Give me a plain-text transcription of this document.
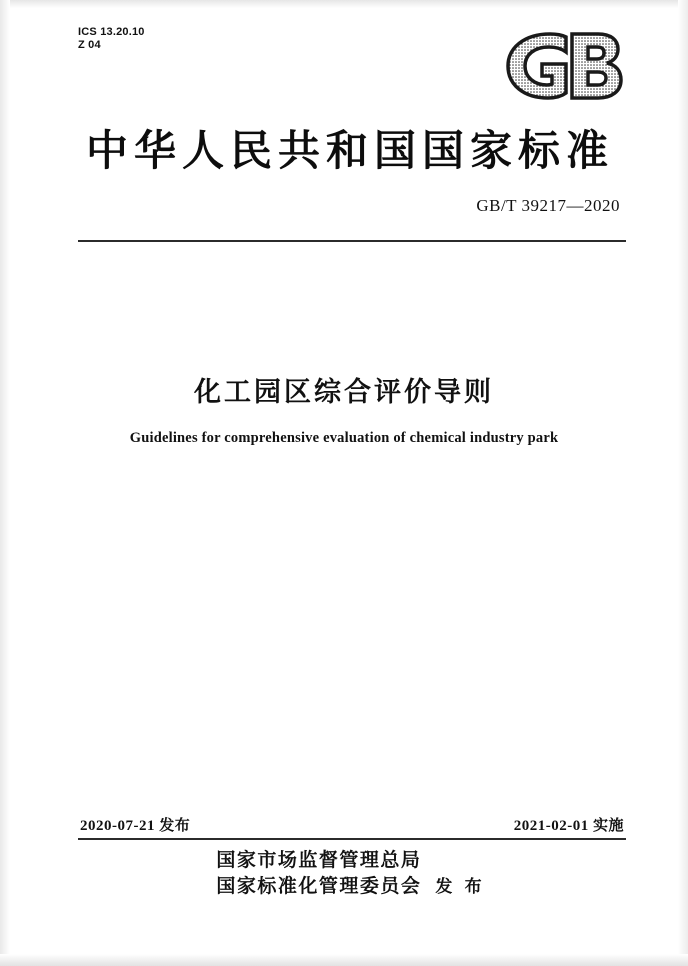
ICS 13.20.10
Z 04
中华人民共和国国家标准
GB/T 39217—2020
化工园区综合评价导则
Guidelines for comprehensive evaluation of chemical industry park
2020-07-21 发布	2021-02-01 实施
国家市场监督管理总局
国家标准化管理委员会 发 布
